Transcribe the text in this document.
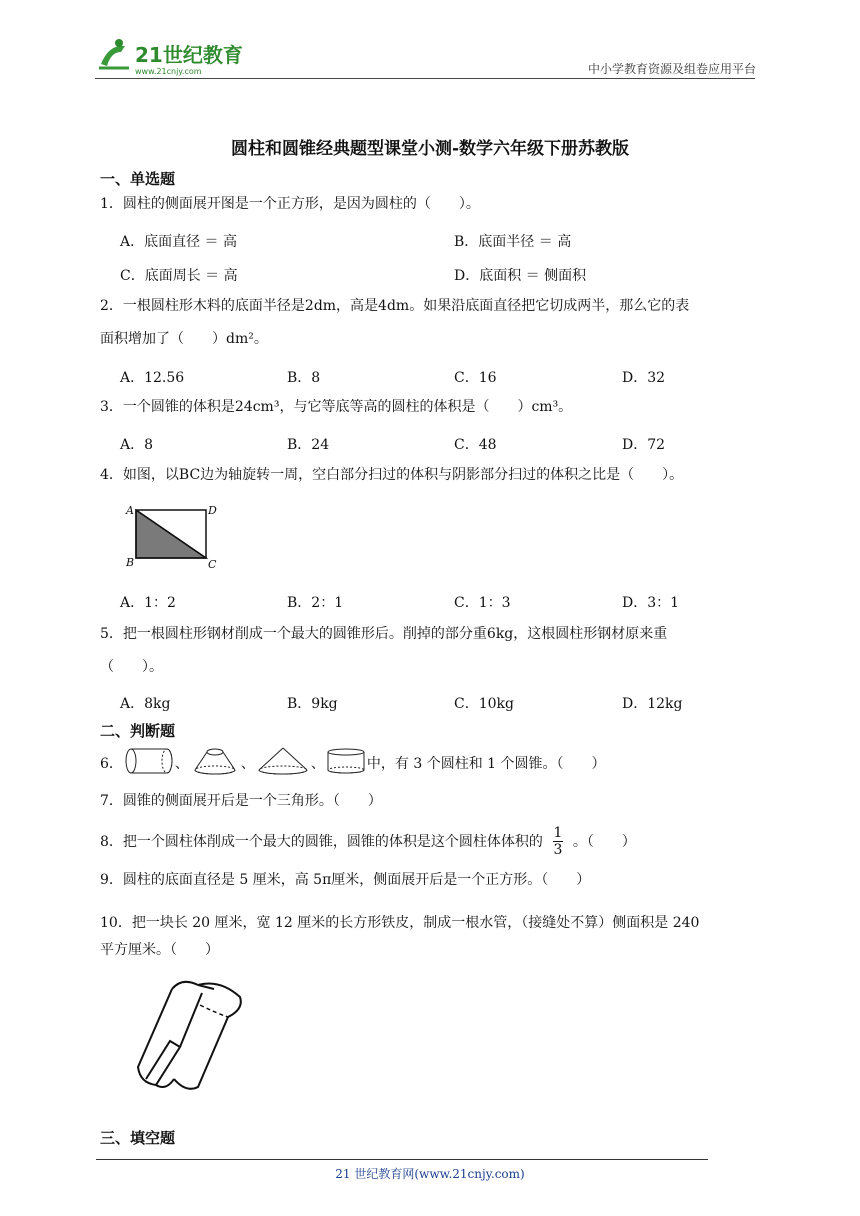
21世纪教育
www.21cnjy.com	中小学教育资源及组卷应用平台
圆柱和圆锥经典题型课堂小测-数学六年级下册苏教版
一、单选题
1．圆柱的侧面展开图是一个正方形，是因为圆柱的（　　）。
A．底面直径 ＝ 高	B．底面半径 ＝ 高
C．底面周长 ＝ 高	D．底面积 ＝ 侧面积
2．一根圆柱形木料的底面半径是2dm，高是4dm。如果沿底面直径把它切成两半，那么它的表
面积增加了（　　）dm²。
A．12.56	B．8	C．16	D．32
3．一个圆锥的体积是24cm³，与它等底等高的圆柱的体积是（　　）cm³。
A．8	B．24	C．48	D．72
4．如图，以BC边为轴旋转一周，空白部分扫过的体积与阴影部分扫过的体积之比是（　　）。
A	D
B	C
A．1：2	B．2：1	C．1：3	D．3：1
5．把一根圆柱形钢材削成一个最大的圆锥形后。削掉的部分重6kg，这根圆柱形钢材原来重
（　　）。
A．8kg	B．9kg	C．10kg	D．12kg
二、判断题
6．	、	、	、	中，有 3 个圆柱和 1 个圆锥。（　　）
7．圆锥的侧面展开后是一个三角形。（　　）
8．把一个圆柱体削成一个最大的圆锥，圆锥的体积是这个圆柱体体积的
1
3 。（　　）
9．圆柱的底面直径是 5 厘米，高 5π厘米，侧面展开后是一个正方形。（　　）
10．把一块长 20 厘米，宽 12 厘米的长方形铁皮，制成一根水管，（接缝处不算）侧面积是 240
平方厘米。（　　）
三、填空题
21 世纪教育网(www.21cnjy.com)
